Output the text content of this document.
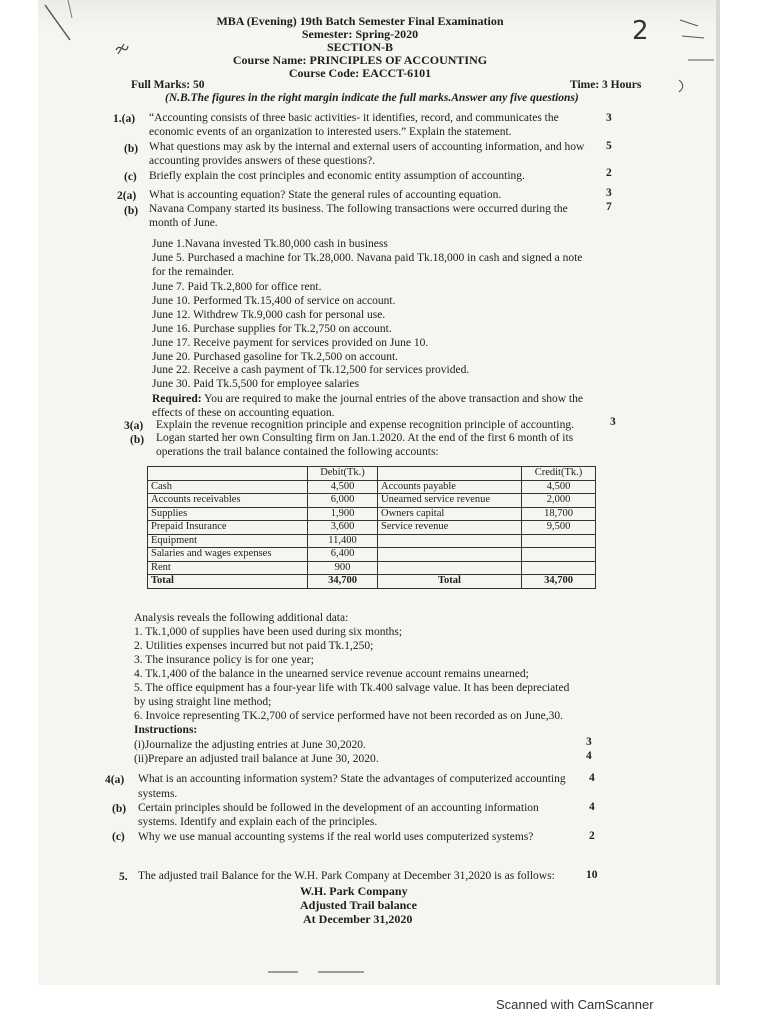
MBA (Evening) 19th Batch Semester Final Examination
Semester: Spring-2020
SECTION-B
Course Name: PRINCIPLES OF ACCOUNTING
Course Code: EACCT-6101
2
Full Marks: 50	Time: 3 Hours
(N.B.The figures in the right margin indicate the full marks.Answer any five questions)
1.(a) “Accounting consists of three basic activities- it identifies, record, and communicates the
economic events of an organization to interested users.” Explain the statement.
3
(b) What questions may ask by the internal and external users of accounting information, and how
accounting provides answers of these questions?.
5
(c) Briefly explain the cost principles and economic entity assumption of accounting.	2
2(a) What is accounting equation? State the general rules of accounting equation.	3
(b) Navana Company started its business. The following transactions were occurred during the
month of June.
7
June 1.Navana invested Tk.80,000 cash in business
June 5. Purchased a machine for Tk.28,000. Navana paid Tk.18,000 in cash and signed a note
for the remainder.
June 7. Paid Tk.2,800 for office rent.
June 10. Performed Tk.15,400 of service on account.
June 12. Withdrew Tk.9,000 cash for personal use.
June 16. Purchase supplies for Tk.2,750 on account.
June 17. Receive payment for services provided on June 10.
June 20. Purchased gasoline for Tk.2,500 on account.
June 22. Receive a cash payment of Tk.12,500 for services provided.
June 30. Paid Tk.5,500 for employee salaries
Required: You are required to make the journal entries of the above transaction and show the
effects of these on accounting equation.
3(a) Explain the revenue recognition principle and expense recognition principle of accounting.	3
(b) Logan started her own Consulting firm on Jan.1.2020. At the end of the first 6 month of its
operations the trail balance contained the following accounts:
	Debit(Tk.)		Credit(Tk.)
Cash	4,500	Accounts payable	4,500
Accounts receivables	6,000	Unearned service revenue	2,000
Supplies	1,900	Owners capital	18,700
Prepaid Insurance	3,600	Service revenue	9,500
Equipment	11,400		
Salaries and wages expenses	6,400		
Rent	900		
Total	34,700	Total	34,700
Analysis reveals the following additional data:
1. Tk.1,000 of supplies have been used during six months;
2. Utilities expenses incurred but not paid Tk.1,250;
3. The insurance policy is for one year;
4. Tk.1,400 of the balance in the unearned service revenue account remains unearned;
5. The office equipment has a four-year life with Tk.400 salvage value. It has been depreciated
by using straight line method;
6. Invoice representing TK.2,700 of service performed have not been recorded as on June,30.
Instructions:
(i)Journalize the adjusting entries at June 30,2020.	3
(ii)Prepare an adjusted trail balance at June 30, 2020.	4
4(a) What is an accounting information system? State the advantages of computerized accounting
systems.
4
(b) Certain principles should be followed in the development of an accounting information
systems. Identify and explain each of the principles.
4
(c) Why we use manual accounting systems if the real world uses computerized systems?	2
5. The adjusted trail Balance for the W.H. Park Company at December 31,2020 is as follows:	10
W.H. Park Company
Adjusted Trail balance
At December 31,2020
Scanned with CamScanner
